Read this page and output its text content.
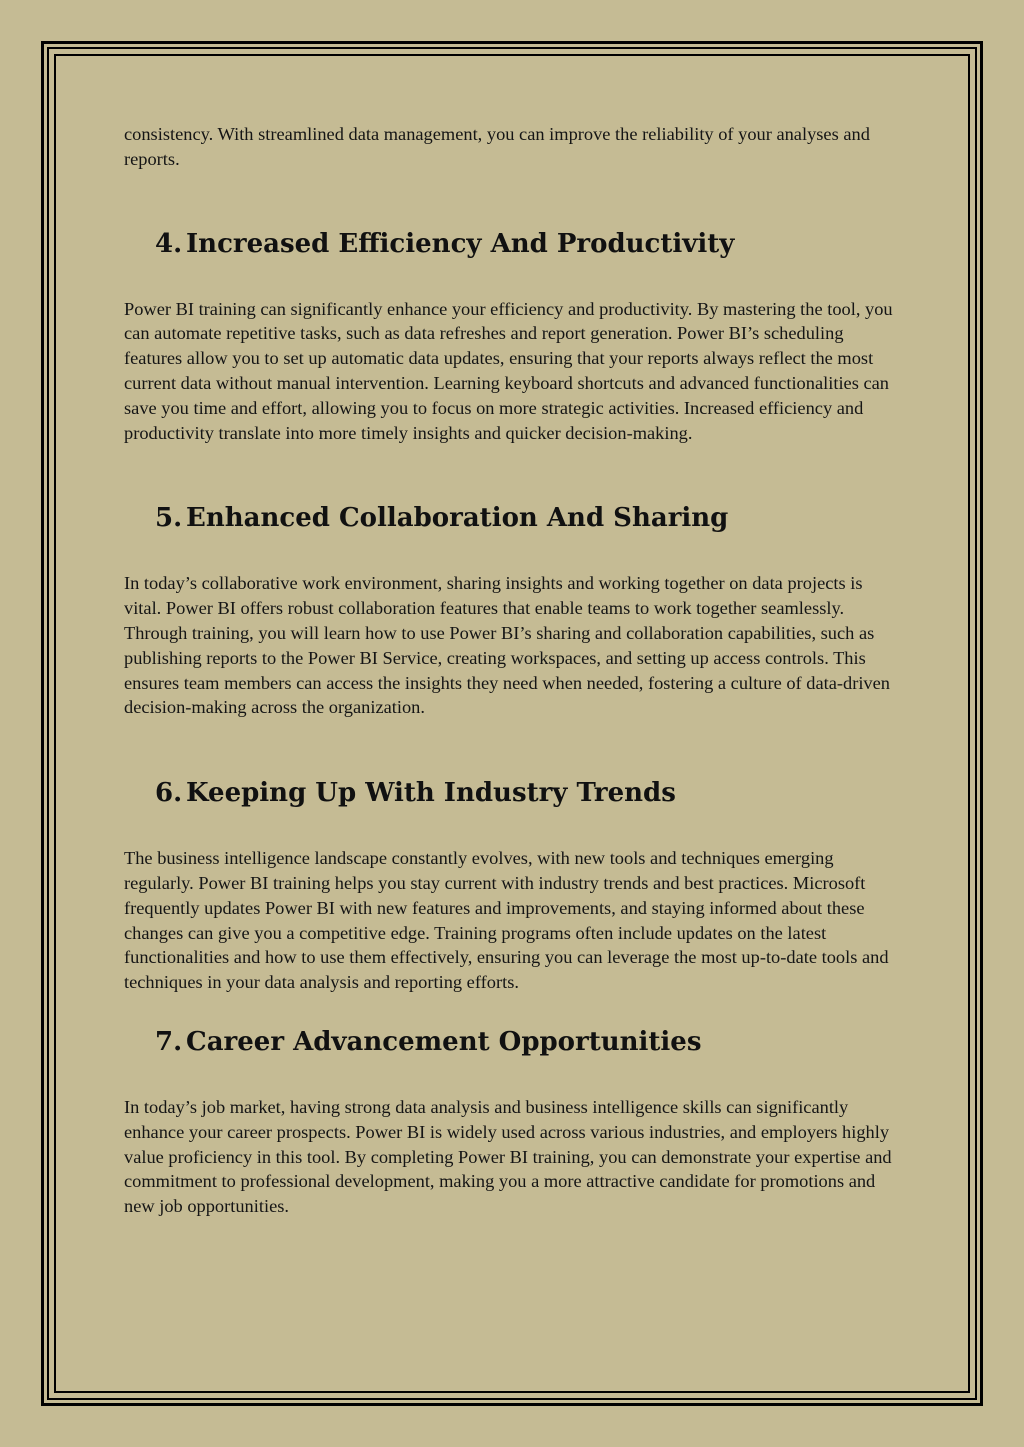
consistency. With streamlined data management, you can improve the reliability of your analyses and reports.

4. Increased Efficiency And Productivity

Power BI training can significantly enhance your efficiency and productivity. By mastering the tool, you can automate repetitive tasks, such as data refreshes and report generation. Power BI’s scheduling features allow you to set up automatic data updates, ensuring that your reports always reflect the most current data without manual intervention. Learning keyboard shortcuts and advanced functionalities can save you time and effort, allowing you to focus on more strategic activities. Increased efficiency and productivity translate into more timely insights and quicker decision-making.

5. Enhanced Collaboration And Sharing

In today’s collaborative work environment, sharing insights and working together on data projects is vital. Power BI offers robust collaboration features that enable teams to work together seamlessly. Through training, you will learn how to use Power BI’s sharing and collaboration capabilities, such as publishing reports to the Power BI Service, creating workspaces, and setting up access controls. This ensures team members can access the insights they need when needed, fostering a culture of data-driven decision-making across the organization.

6. Keeping Up With Industry Trends

The business intelligence landscape constantly evolves, with new tools and techniques emerging regularly. Power BI training helps you stay current with industry trends and best practices. Microsoft frequently updates Power BI with new features and improvements, and staying informed about these changes can give you a competitive edge. Training programs often include updates on the latest functionalities and how to use them effectively, ensuring you can leverage the most up-to-date tools and techniques in your data analysis and reporting efforts.

7. Career Advancement Opportunities

In today’s job market, having strong data analysis and business intelligence skills can significantly enhance your career prospects. Power BI is widely used across various industries, and employers highly value proficiency in this tool. By completing Power BI training, you can demonstrate your expertise and commitment to professional development, making you a more attractive candidate for promotions and new job opportunities.
